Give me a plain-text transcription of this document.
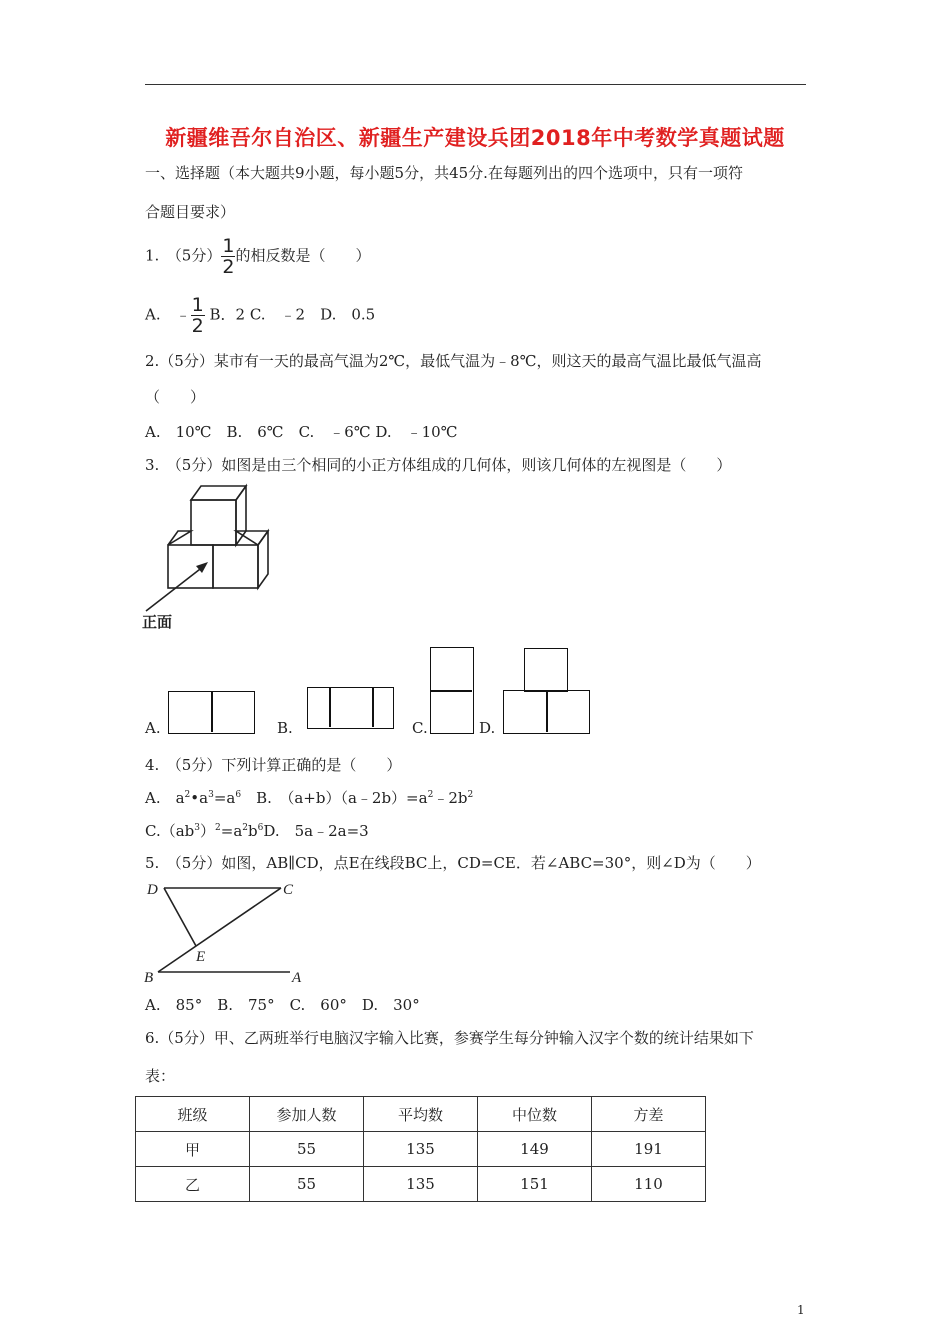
新疆维吾尔自治区、新疆生产建设兵团2018年中考数学真题试题
一、选择题（本大题共9小题，每小题5分，共45分.在每题列出的四个选项中，只有一项符
合题目要求）
1.　（5分） $\frac{1}{2}$ 的相反数是（　　）
A.　﹣ $\frac{1}{2}$ B．2 C.　﹣2　D.　0.5
2.（5分）某市有一天的最高气温为2℃，最低气温为﹣8℃，则这天的最高气温比最低气温高
（　　）
A.　10℃　B.　6℃　C.　﹣6℃ D.　﹣10℃
3.　（5分）如图是由三个相同的小正方体组成的几何体，则该几何体的左视图是（　　）
正面
A.	B.	C.	D.
4.　（5分）下列计算正确的是（　　）
A.　$a^2•a^3=a^6$　B.　$(a+b)(a﹣2b)=a^2﹣2b^2$
$C.(ab^3)^2=a^2b^6D$.　5a﹣2a=3
5.　（5分）如图，AB∥CD，点E在线段BC上，CD=CE．若∠ABC=30°，则∠D为（　　）
D	C
E
B	A
A.　85°　B.　75°　C.　60°　D.　30°
6.（5分）甲、乙两班举行电脑汉字输入比赛，参赛学生每分钟输入汉字个数的统计结果如下
表：
班级	参加人数	平均数	中位数	方差
甲	55	135	149	191
乙	55	135	151	110
1
